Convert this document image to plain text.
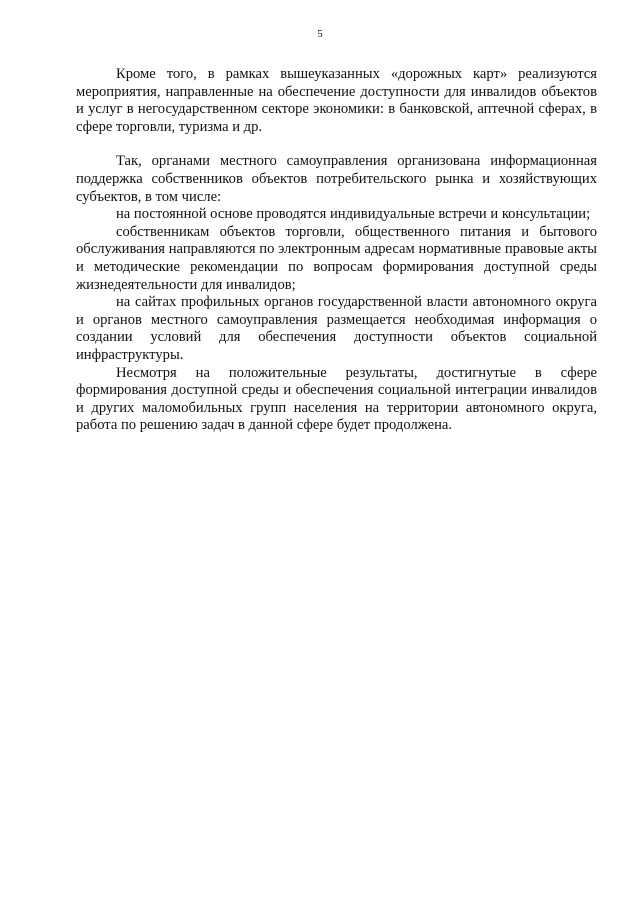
5

Кроме того, в рамках вышеуказанных «дорожных карт» реализуются мероприятия, направленные на обеспечение доступности для инвалидов объектов и услуг в негосударственном секторе экономики: в банковской, аптечной сферах, в сфере торговли, туризма и др.

Так, органами местного самоуправления организована информационная поддержка собственников объектов потребительского рынка и хозяйствующих субъектов, в том числе:

на постоянной основе проводятся индивидуальные встречи и консультации;

собственникам объектов торговли, общественного питания и бытового обслуживания направляются по электронным адресам нормативные правовые акты и методические рекомендации по вопросам формирования доступной среды жизнедеятельности для инвалидов;

на сайтах профильных органов государственной власти автономного округа и органов местного самоуправления размещается необходимая информация о создании условий для обеспечения доступности объектов социальной инфраструктуры.

Несмотря на положительные результаты, достигнутые в сфере формирования доступной среды и обеспечения социальной интеграции инвалидов и других маломобильных групп населения на территории автономного округа, работа по решению задач в данной сфере будет продолжена.
